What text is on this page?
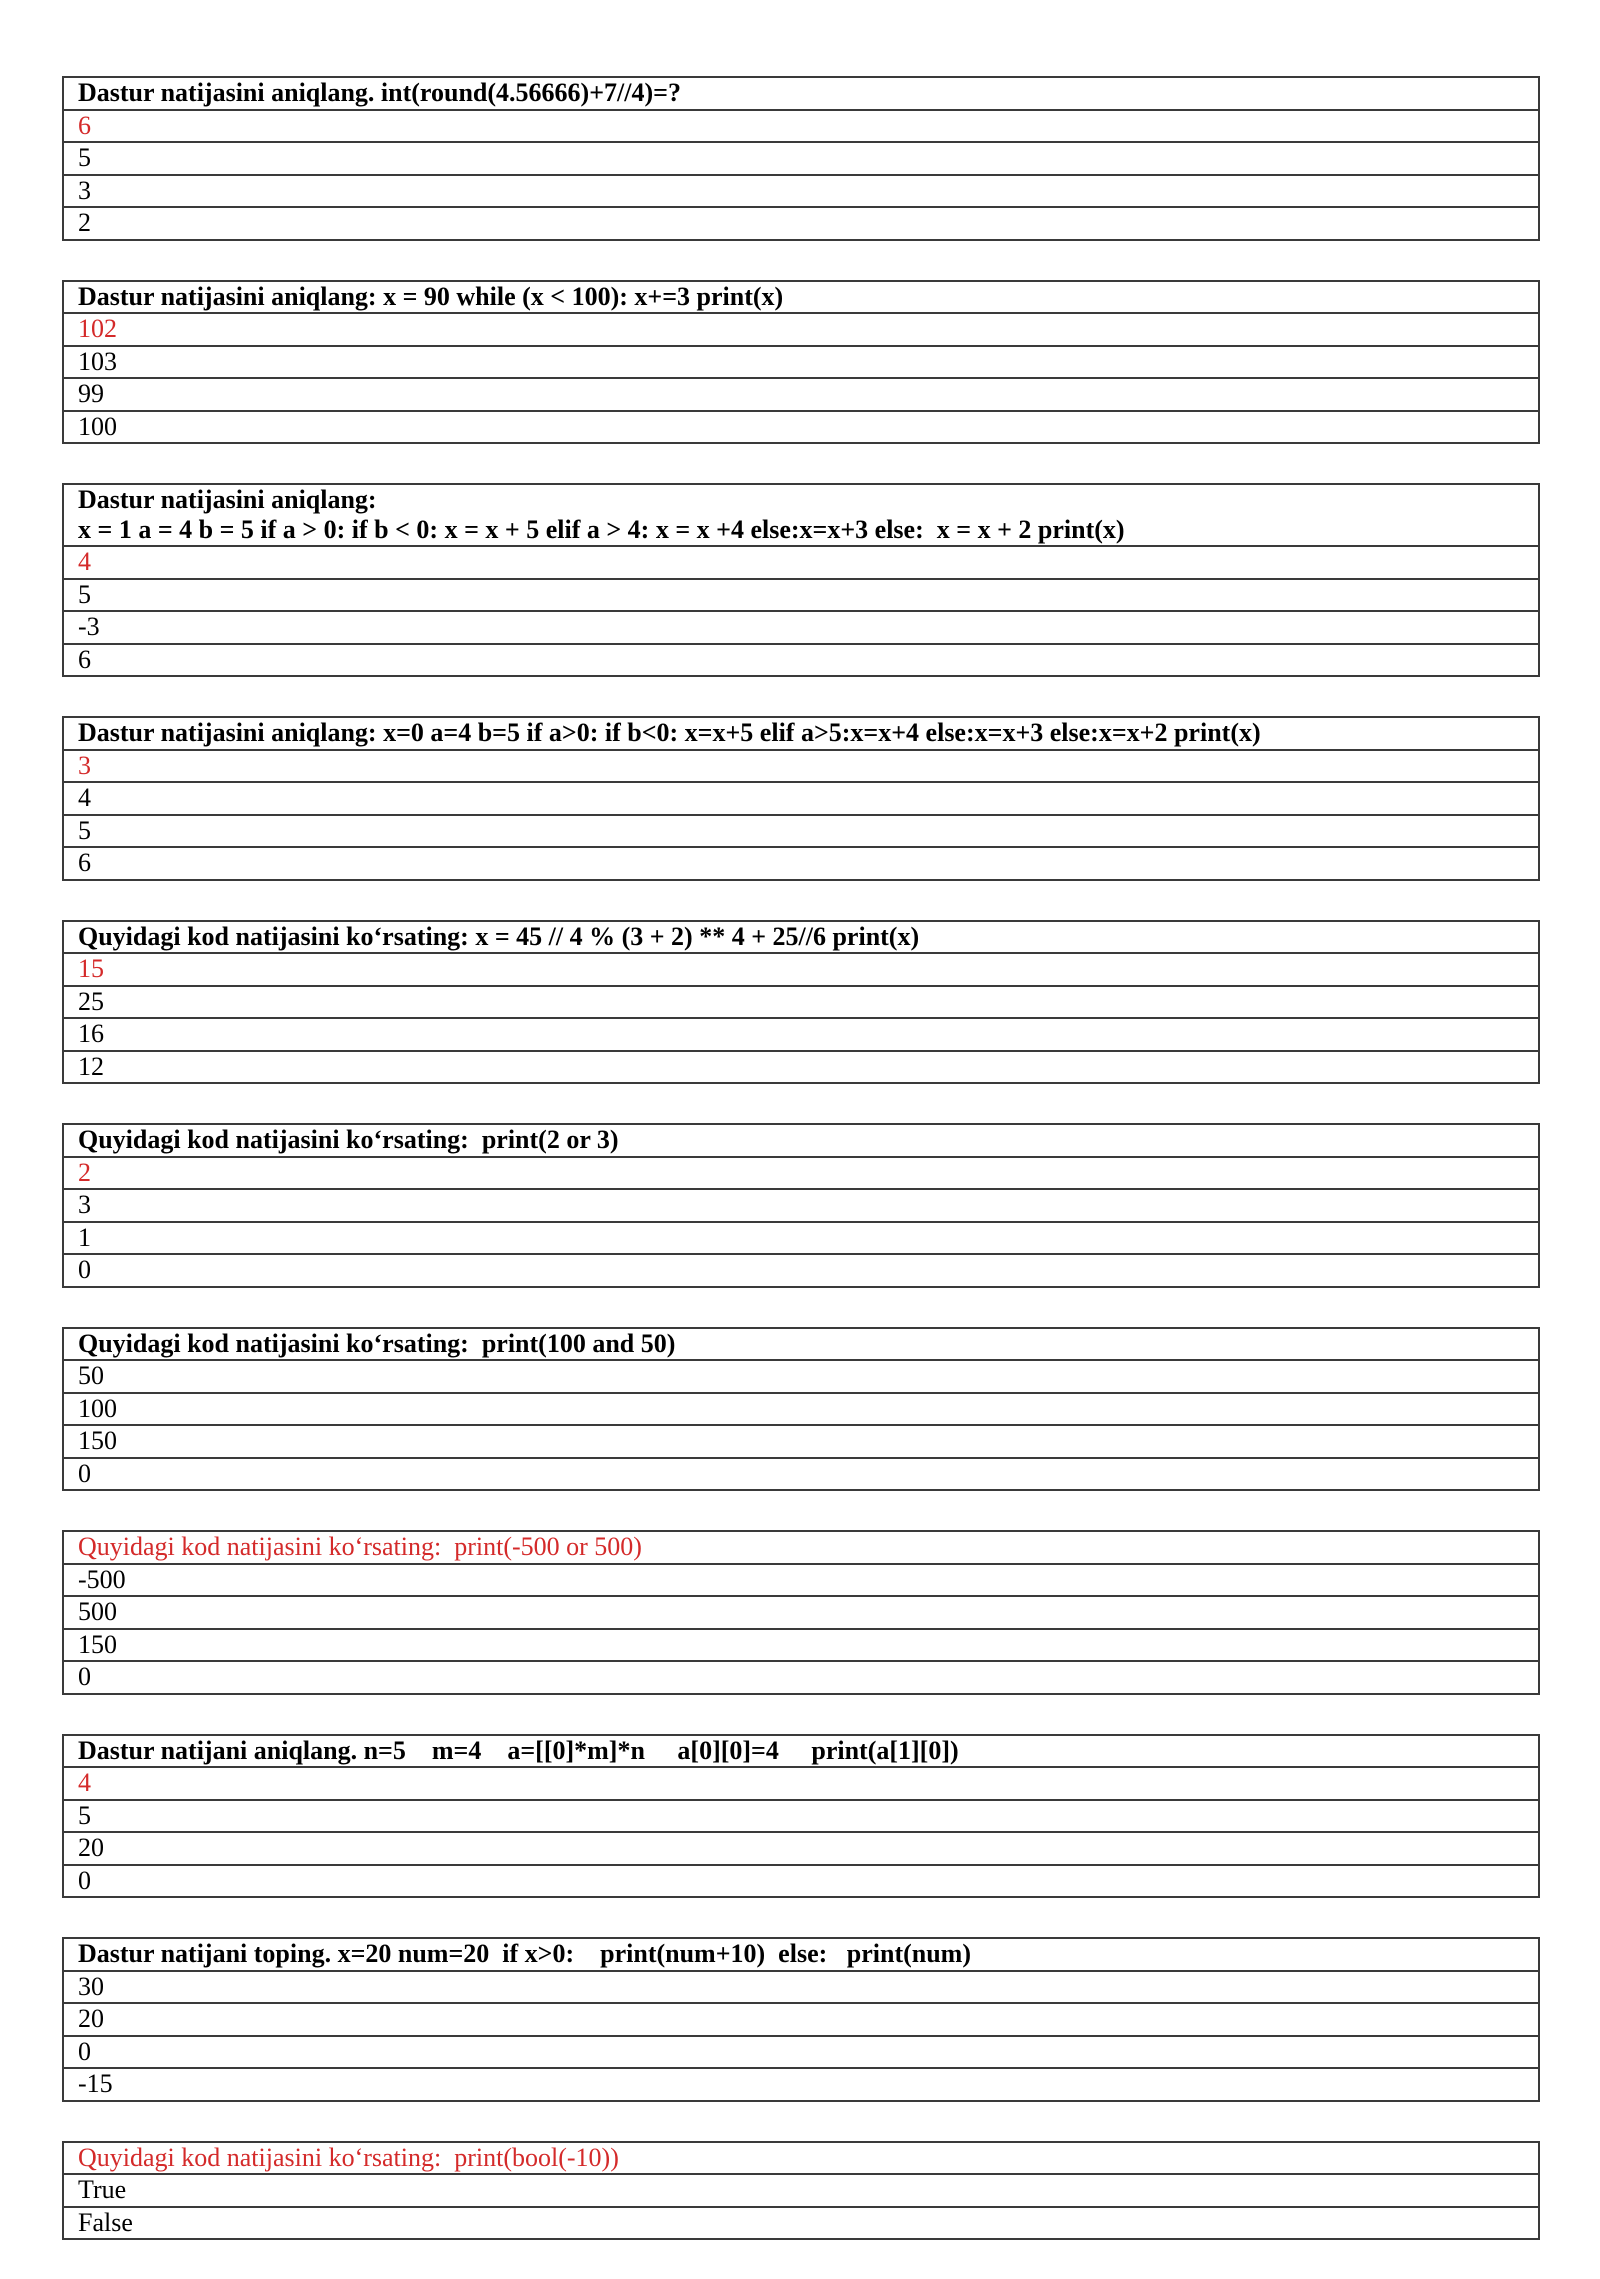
Dastur natijasini aniqlang. int(round(4.56666)+7//4)=?

6
5
3
2
Dastur natijasini aniqlang: x = 90 while (x < 100): x+=3 print(x)

102
103
99
100
Dastur natijasini aniqlang:
x = 1 a = 4 b = 5 if a > 0: if b < 0: x = x + 5 elif a > 4: x = x +4 else:x=x+3 else:  x = x + 2 print(x)

4
5
-3
6
Dastur natijasini aniqlang: x=0 a=4 b=5 if a>0: if b<0: x=x+5 elif a>5:x=x+4 else:x=x+3 else:x=x+2 print(x)

3
4
5
6
Quyidagi kod natijasini ko‘rsating: x = 45 // 4 % (3 + 2) ** 4 + 25//6 print(x)

15
25
16
12
Quyidagi kod natijasini ko‘rsating:  print(2 or 3)

2
3
1
0
Quyidagi kod natijasini ko‘rsating:  print(100 and 50)

50
100
150
0
Quyidagi kod natijasini ko‘rsating:  print(-500 or 500)

-500
500
150
0
Dastur natijani aniqlang. n=5    m=4    a=[[0]*m]*n     a[0][0]=4     print(a[1][0])

4
5
20
0
Dastur natijani toping. x=20 num=20  if x>0:    print(num+10)  else:   print(num)

30
20
0
-15
Quyidagi kod natijasini ko‘rsating:  print(bool(-10))

True
False
